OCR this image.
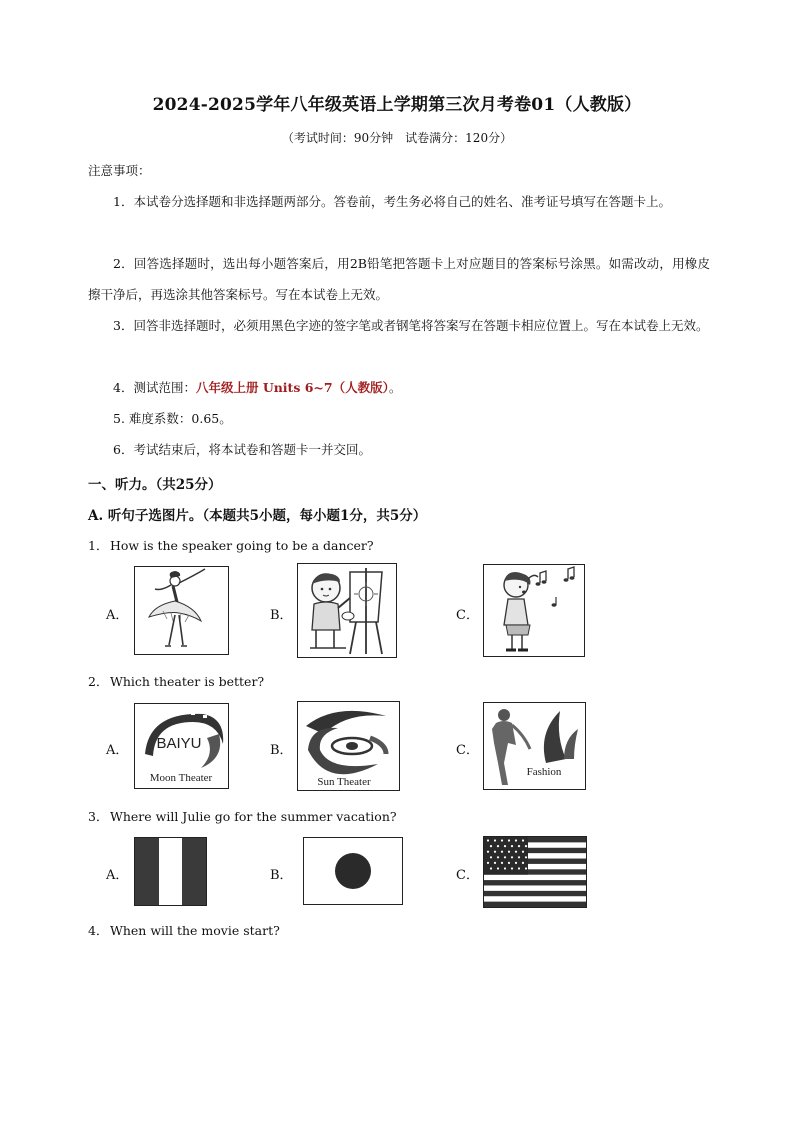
2024-2025学年八年级英语上学期第三次月考卷01（人教版）
（考试时间：90分钟　试卷满分：120分）
注意事项：
1．本试卷分选择题和非选择题两部分。答卷前，考生务必将自己的姓名、准考证号填写在答题卡上。
2．回答选择题时，选出每小题答案后，用2B铅笔把答题卡上对应题目的答案标号涂黑。如需改动，用橡皮擦干净后，再选涂其他答案标号。写在本试卷上无效。
3．回答非选择题时，必须用黑色字迹的签字笔或者钢笔将答案写在答题卡相应位置上。写在本试卷上无效。
4．测试范围：八年级上册 Units 6~7（人教版）。
5. 难度系数：0.65。
6．考试结束后，将本试卷和答题卡一并交回。
一、听力。（共25分）
A. 听句子选图片。（本题共5小题，每小题1分，共5分）
1． How is the speaker going to be a dancer?
A．	B．	C．
2． Which theater is better?
A． BAIYU
Moon Theater
B．
Sun Theater
C．
Fashion
3． Where will Julie go for the summer vacation?
A．	B．	C．
4． When will the movie start?
